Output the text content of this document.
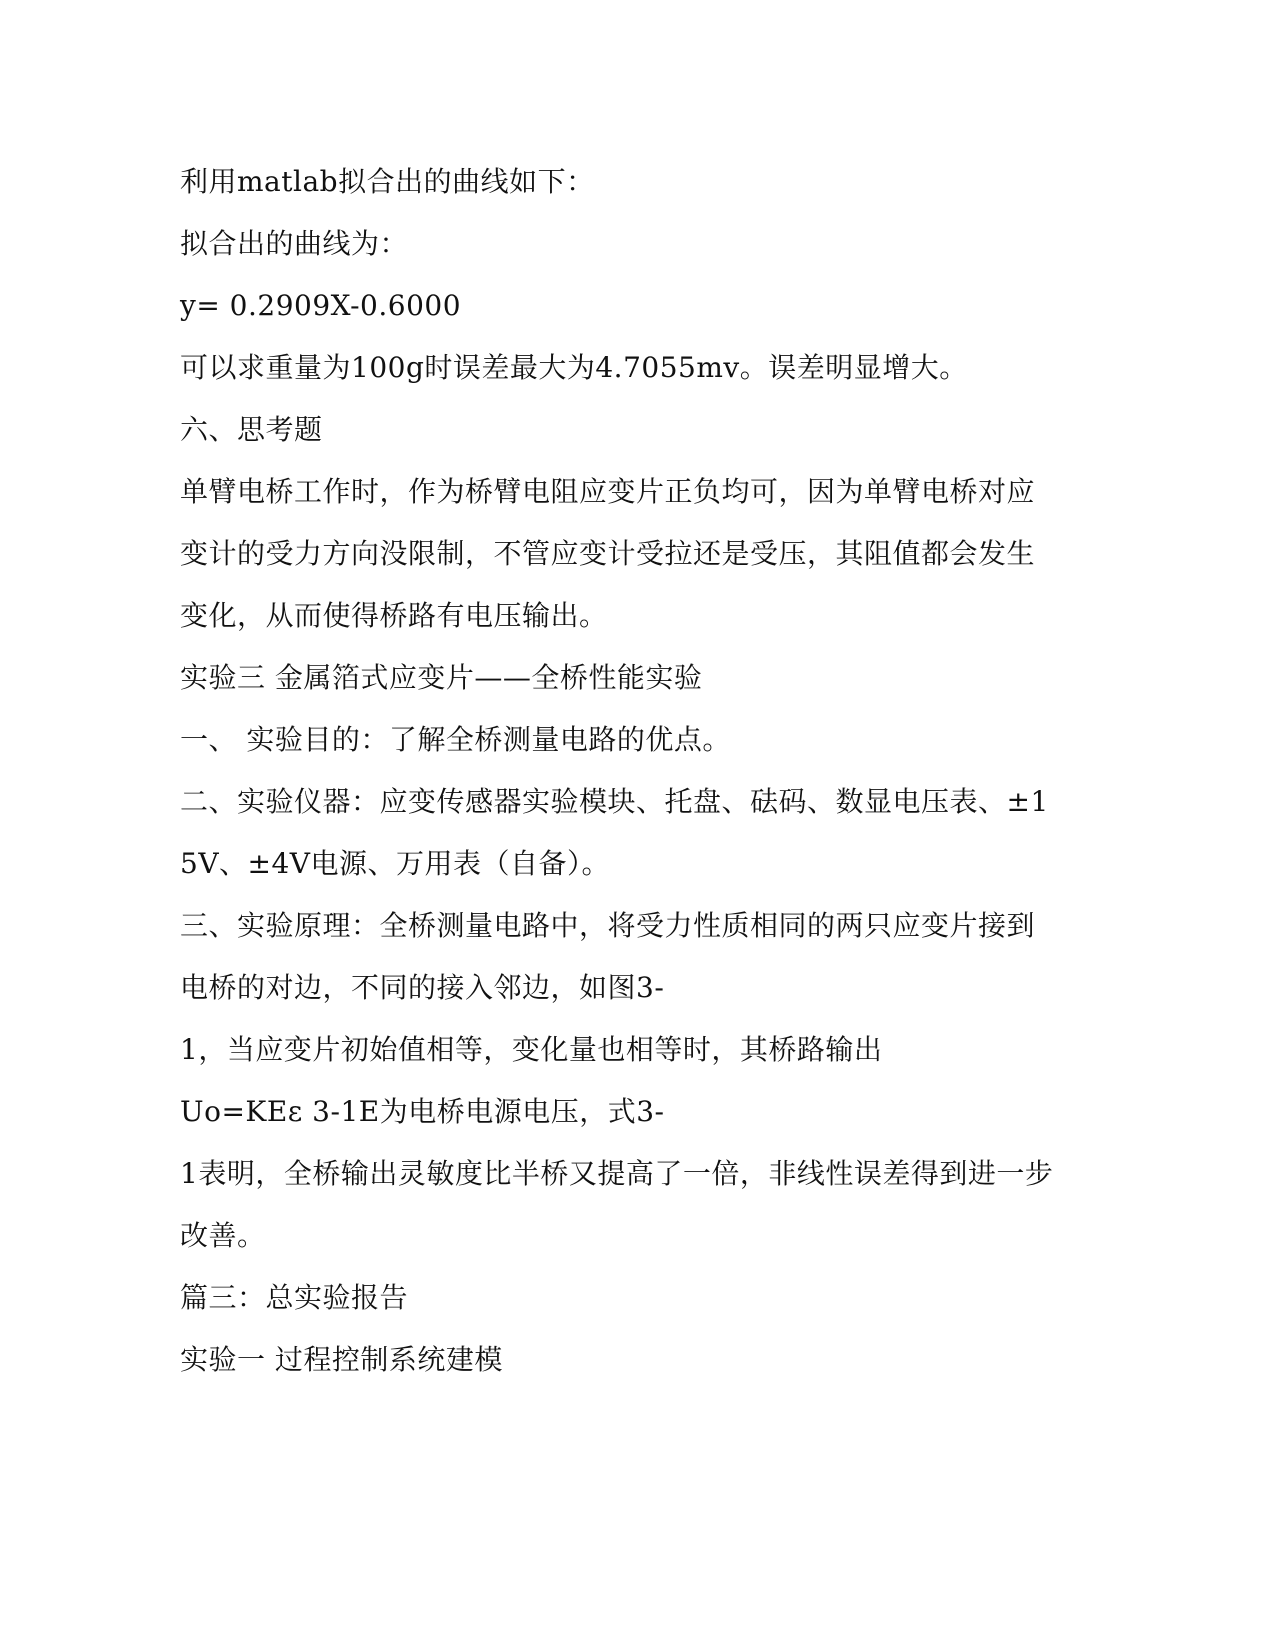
利用matlab拟合出的曲线如下：
拟合出的曲线为：
y= 0.2909X-0.6000
可以求重量为100g时误差最大为4.7055mv。误差明显增大。
六、思考题
单臂电桥工作时，作为桥臂电阻应变片正负均可，因为单臂电桥对应
变计的受力方向没限制，不管应变计受拉还是受压，其阻值都会发生
变化，从而使得桥路有电压输出。
实验三 金属箔式应变片——全桥性能实验
一、 实验目的：了解全桥测量电路的优点。
二、实验仪器：应变传感器实验模块、托盘、砝码、数显电压表、±1
5V、±4V电源、万用表（自备）。
三、实验原理：全桥测量电路中，将受力性质相同的两只应变片接到
电桥的对边，不同的接入邻边，如图3-
1，当应变片初始值相等，变化量也相等时，其桥路输出
Uo=KEε 3-1E为电桥电源电压，式3-
1表明，全桥输出灵敏度比半桥又提高了一倍，非线性误差得到进一步
改善。
篇三：总实验报告
实验一 过程控制系统建模
